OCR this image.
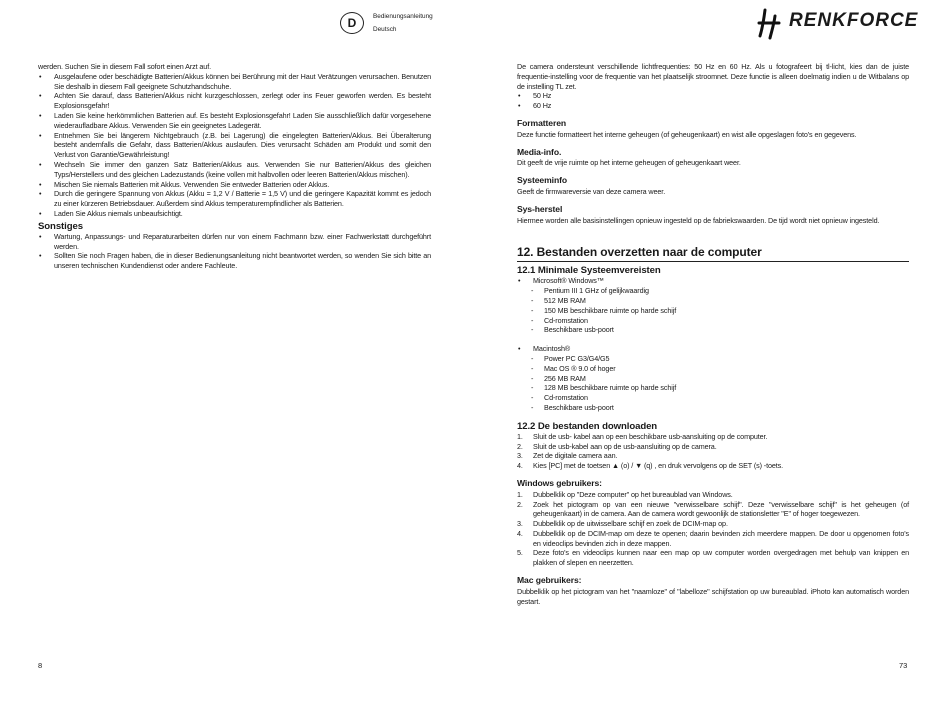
D	Bedienungsanleitung
Deutsch	RENKFORCE

werden. Suchen Sie in diesem Fall sofort einen Arzt auf.

• Ausgelaufene oder beschädigte Batterien/Akkus können bei Berührung mit der Haut Verätzungen verursachen. Benutzen Sie deshalb in diesem Fall geeignete Schutzhandschuhe.
• Achten Sie darauf, dass Batterien/Akkus nicht kurzgeschlossen, zerlegt oder ins Feuer geworfen werden. Es besteht Explosionsgefahr!
• Laden Sie keine herkömmlichen Batterien auf. Es besteht Explosionsgefahr! Laden Sie ausschließlich dafür vorgesehene wiederaufladbare Akkus. Verwenden Sie ein geeignetes Ladegerät.
• Entnehmen Sie bei längerem Nichtgebrauch (z.B. bei Lagerung) die eingelegten Batterien/Akkus. Bei Überalterung besteht andernfalls die Gefahr, dass Batterien/Akkus auslaufen. Dies verursacht Schäden am Produkt und somit den Verlust von Garantie/Gewährleistung!
• Wechseln Sie immer den ganzen Satz Batterien/Akkus aus. Verwenden Sie nur Batterien/Akkus des gleichen Typs/Herstellers und des gleichen Ladezustands (keine vollen mit halbvollen oder leeren Batterien/Akkus mischen).
• Mischen Sie niemals Batterien mit Akkus. Verwenden Sie entweder Batterien oder Akkus.
• Durch die geringere Spannung von Akkus (Akku = 1,2 V / Batterie = 1,5 V) und die geringere Kapazität kommt es jedoch zu einer kürzeren Betriebsdauer. Außerdem sind Akkus temperaturempfindlicher als Batterien.
• Laden Sie Akkus niemals unbeaufsichtigt.
Sonstiges
• Wartung, Anpassungs- und Reparaturarbeiten dürfen nur von einem Fachmann bzw. einer Fachwerkstatt durchgeführt werden.
• Sollten Sie noch Fragen haben, die in dieser Bedienungsanleitung nicht beantwortet werden, so wenden Sie sich bitte an unseren technischen Kundendienst oder andere Fachleute.

De camera ondersteunt verschillende lichtfrequenties: 50 Hz en 60 Hz. Als u fotografeert bij tl-licht, kies dan de juiste frequentie-instelling voor de frequentie van het plaatselijk stroomnet. Deze functie is alleen doelmatig indien u de Witbalans op de instelling TL zet.

• 50 Hz
• 60 Hz
Formatteren

Deze functie formatteert het interne geheugen (of geheugenkaart) en wist alle opgeslagen foto's en gegevens.

Media-info.

Dit geeft de vrije ruimte op het interne geheugen of geheugenkaart weer.

Systeeminfo

Geeft de firmwareversie van deze camera weer.

Sys-herstel

Hiermee worden alle basisinstellingen opnieuw ingesteld op de fabriekswaarden. De tijd wordt niet opnieuw ingesteld.

12. Bestanden overzetten naar de computer
12.1 Minimale Systeemvereisten
• Microsoft® Windows™
- Pentium III 1 GHz of gelijkwaardig
- 512 MB RAM
- 150 MB beschikbare ruimte op harde schijf
- Cd-romstation
- Beschikbare usb-poort
• Macintosh®
- Power PC G3/G4/G5
- Mac OS ® 9.0 of hoger
- 256 MB RAM
- 128 MB beschikbare ruimte op harde schijf
- Cd-romstation
- Beschikbare usb-poort
12.2 De bestanden downloaden
1. Sluit de usb- kabel aan op een beschikbare usb-aansluiting op de computer.
2. Sluit de usb-kabel aan op de usb-aansluiting op de camera.
3. Zet de digitale camera aan.
4. Kies [PC] met de toetsen ▲ (o) / ▼ (q) , en druk vervolgens op de SET (s) -toets.
Windows gebruikers:
1. Dubbelklik op "Deze computer" op het bureaublad van Windows.
2. Zoek het pictogram op van een nieuwe "verwisselbare schijf". Deze "verwisselbare schijf" is het geheugen (of geheugenkaart) in de camera. Aan de camera wordt gewoonlijk de stationsletter "E" of hoger toegewezen.
3. Dubbelklik op de uitwisselbare schijf en zoek de DCIM-map op.
4. Dubbelklik op de DCIM-map om deze te openen; daarin bevinden zich meerdere mappen. De door u opgenomen foto's en videoclips bevinden zich in deze mappen.
5. Deze foto's en videoclips kunnen naar een map op uw computer worden overgedragen met behulp van knippen en plakken of slepen en neerzetten.
Mac gebruikers:

Dubbelklik op het pictogram van het "naamloze" of "labelloze" schijfstation op uw bureaublad. iPhoto kan automatisch worden gestart.

8	73
